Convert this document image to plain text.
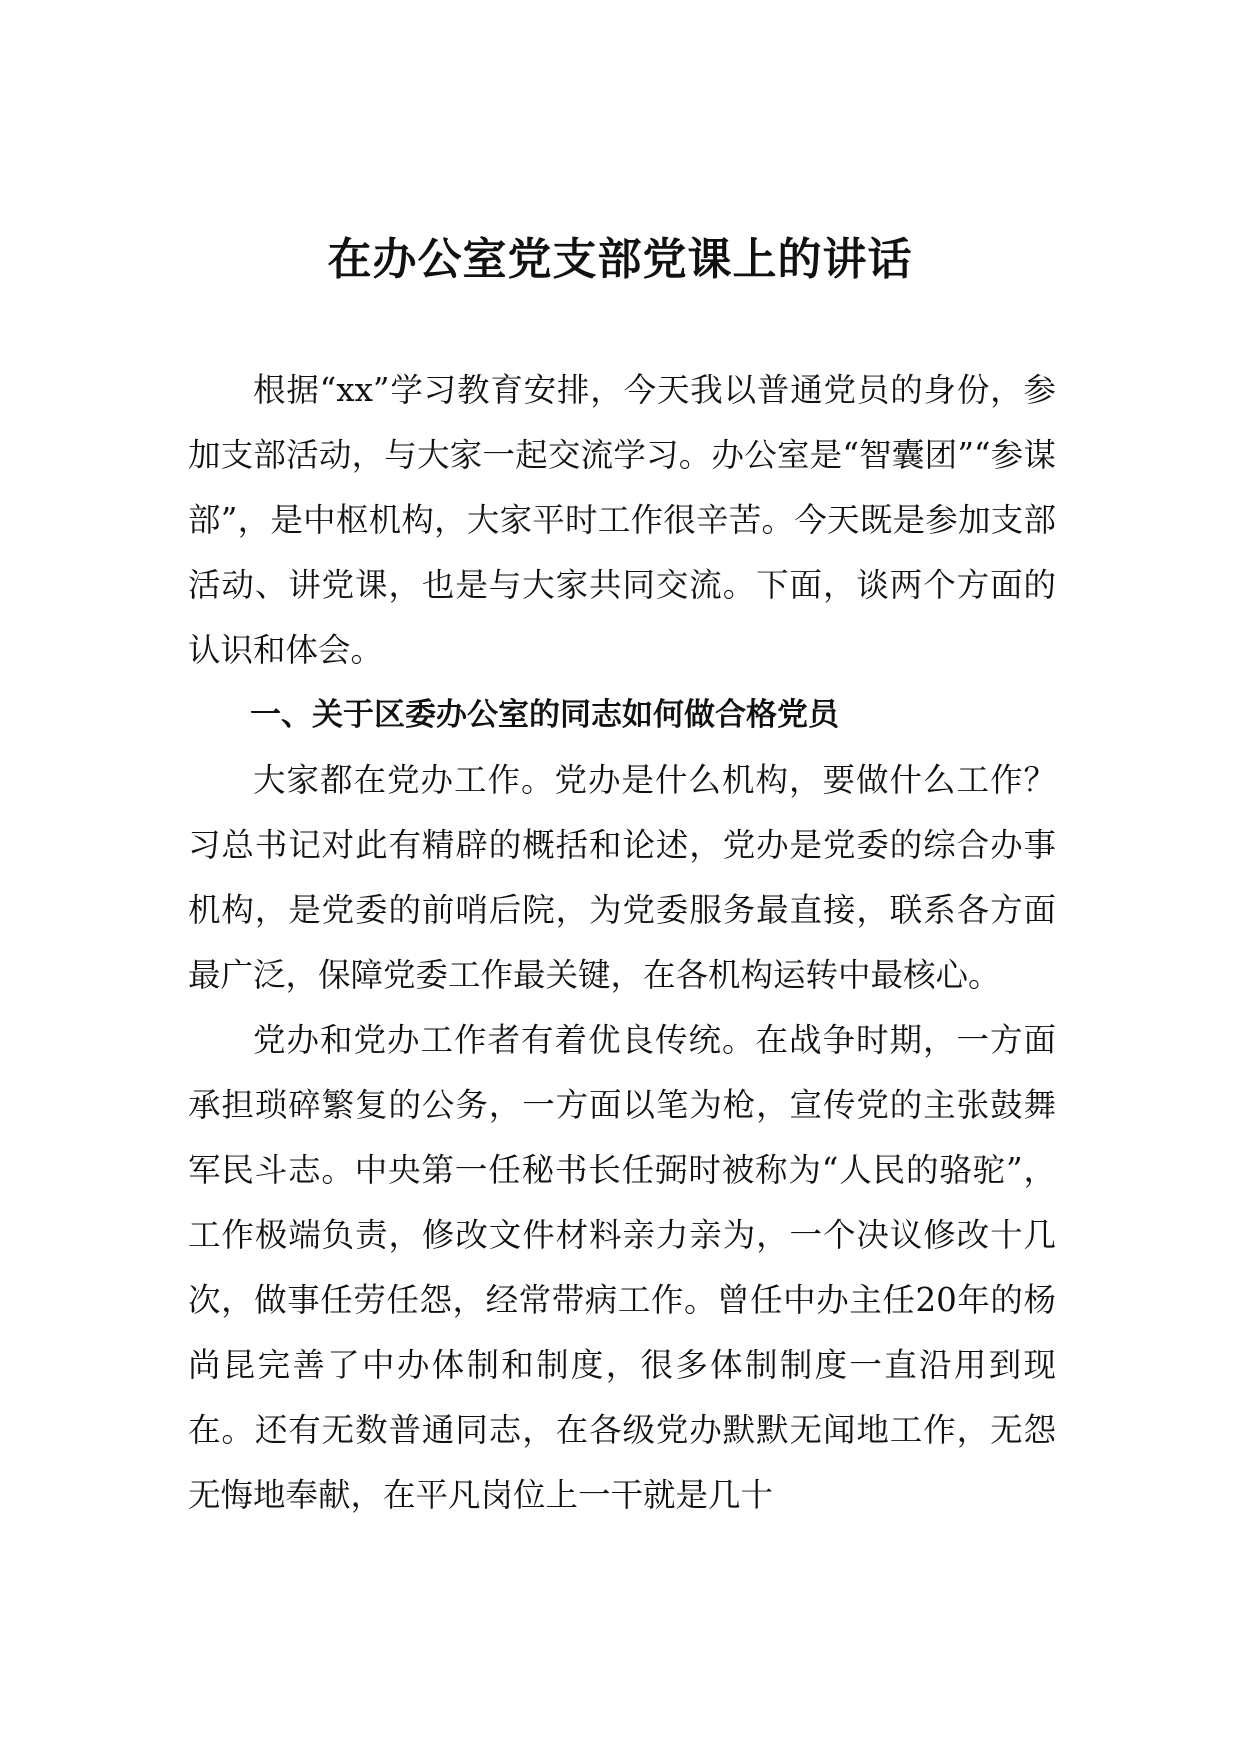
在办公室党支部党课上的讲话

根据“xx”学习教育安排，今天我以普通党员的身份，参加支部活动，与大家一起交流学习。办公室是“智囊团”“参谋部”，是中枢机构，大家平时工作很辛苦。今天既是参加支部活动、讲党课，也是与大家共同交流。下面，谈两个方面的认识和体会。

一、关于区委办公室的同志如何做合格党员

大家都在党办工作。党办是什么机构，要做什么工作？习总书记对此有精辟的概括和论述，党办是党委的综合办事机构，是党委的前哨后院，为党委服务最直接，联系各方面最广泛，保障党委工作最关键，在各机构运转中最核心。

党办和党办工作者有着优良传统。在战争时期，一方面承担琐碎繁复的公务，一方面以笔为枪，宣传党的主张鼓舞军民斗志。中央第一任秘书长任弼时被称为“人民的骆驼”，工作极端负责，修改文件材料亲力亲为，一个决议修改十几次，做事任劳任怨，经常带病工作。曾任中办主任20年的杨尚昆完善了中办体制和制度，很多体制制度一直沿用到现在。还有无数普通同志，在各级党办默默无闻地工作，无怨无悔地奉献，在平凡岗位上一干就是几十
